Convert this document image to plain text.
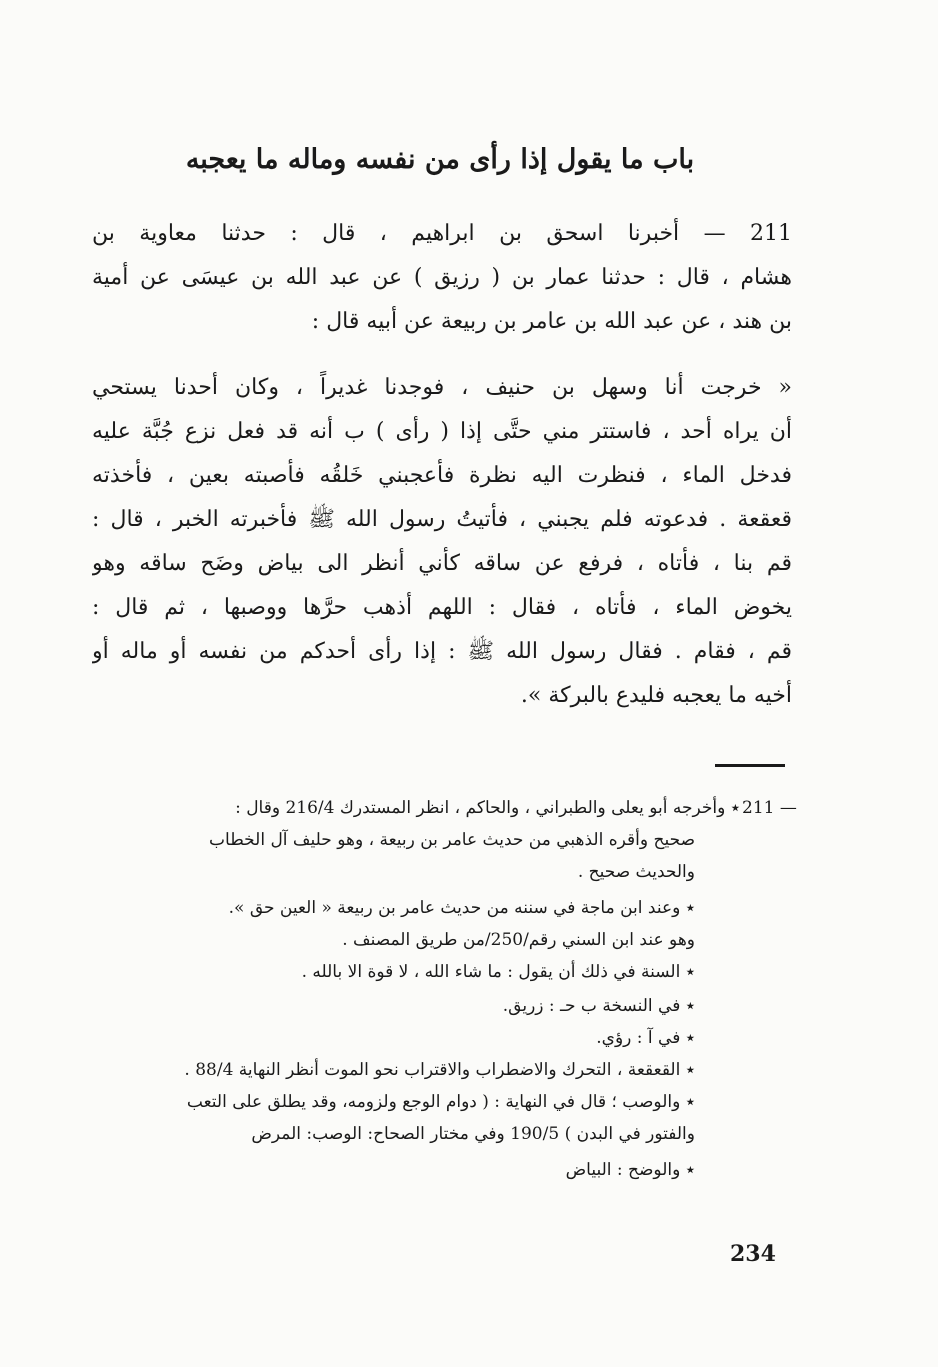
باب ما يقول إذا رأى من نفسه وماله ما يعجبه
211 — أخبرنا اسحق بن ابراهيم ، قال : حدثنا معاوية بن
هشام ، قال : حدثنا عمار بن ( رزيق ) عن عبد الله بن عيسَى عن أمية
بن هند ، عن عبد الله بن عامر بن ربيعة عن أبيه قال :
« خرجت أنا وسهل بن حنيف ، فوجدنا غديراً ، وكان أحدنا يستحي
أن يراه أحد ، فاستتر مني حتَّى إذا ( رأى ) ب أنه قد فعل نزع جُبَّة عليه
فدخل الماء ، فنظرت اليه نظرة فأعجبني خَلقُه فأصبته بعين ، فأخذته
قعقعة . فدعوته فلم يجبني ، فأتيتُ رسول الله ﷺ فأخبرته الخبر ، قال :
قم بنا ، فأتاه ، فرفع عن ساقه كأني أنظر الى بياض وضَح ساقه وهو
يخوض الماء ، فأتاه ، فقال : اللهم أذهب حرَّها ووصبها ، ثم قال :
قم ، فقام . فقال رسول الله ﷺ : إذا رأى أحدكم من نفسه أو ماله أو
أخيه ما يعجبه فليدع بالبركة ».
211 —
٭ وأخرجه أبو يعلى والطبراني ، والحاكم ، انظر المستدرك 216/4 وقال :
صحيح وأقره الذهبي من حديث عامر بن ربيعة ، وهو حليف آل الخطاب
والحديث صحيح .
٭ وعند ابن ماجة في سننه من حديث عامر بن ربيعة « العين حق ».
وهو عند ابن السني رقم/250/من طريق المصنف .
٭ السنة في ذلك أن يقول : ما شاء الله ، لا قوة الا بالله .
٭ في النسخة ب حـ : زريق.
٭ في آ : رؤي.
٭ القعقعة ، التحرك والاضطراب والاقتراب نحو الموت أنظر النهاية 88/4 .
٭ والوصب ؛ قال في النهاية : ( دوام الوجع ولزومه، وقد يطلق على التعب
والفتور في البدن ) 190/5 وفي مختار الصحاح: الوصب: المرض
٭ والوضح : البياض
234
